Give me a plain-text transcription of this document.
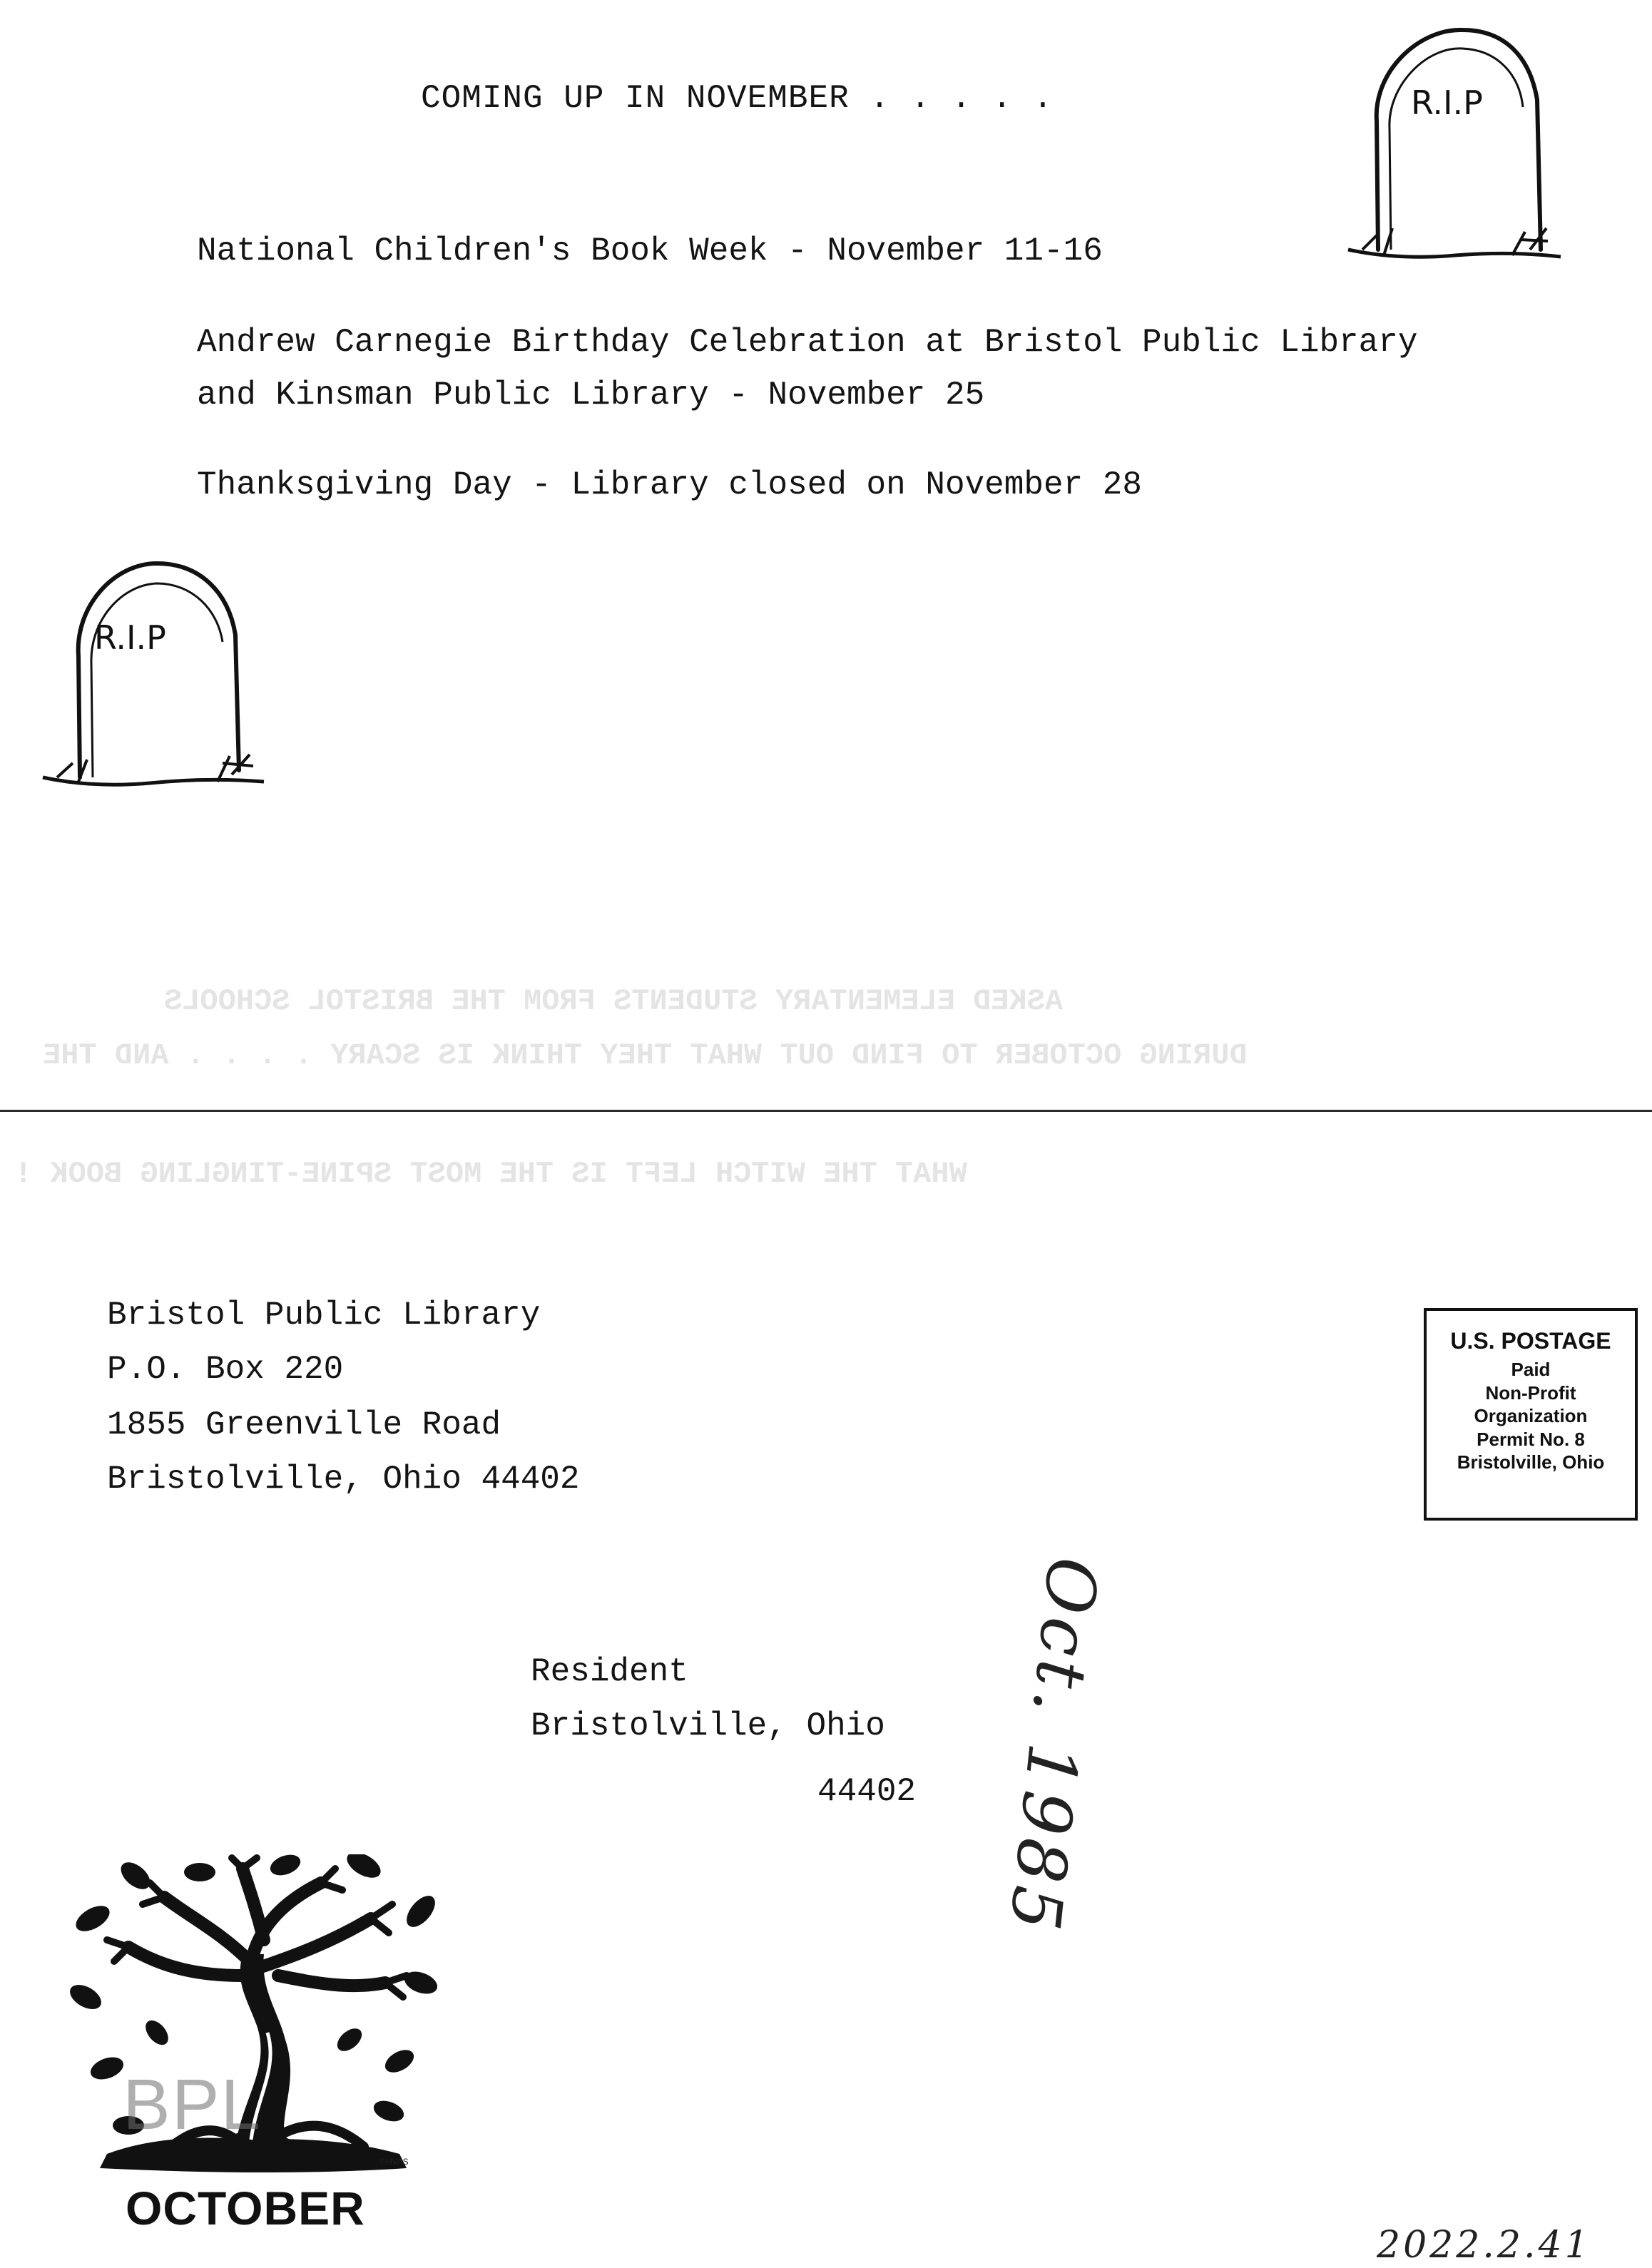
ASKED ELEMENTARY STUDENTS FROM THE BRISTOL SCHOOLS
DURING OCTOBER TO FIND OUT WHAT THEY THINK IS SCARY . . . . AND THE
WHAT THE WITCH LEFT IS THE MOST SPINE-TINGLING BOOK !
COMING UP IN NOVEMBER . . . . .
National Children's Book Week - November 11-16
Andrew Carnegie Birthday Celebration at Bristol Public Library
and Kinsman Public Library - November 25
Thanksgiving Day - Library closed on November 28
R.I.P
R.I.P
Bristol Public Library
P.O. Box 220
1855 Greenville Road
Bristolville, Ohio 44402
U.S. POSTAGE
Paid
Non-Profit
Organization
Permit No. 8
Bristolville, Ohio
Oct. 1985
Resident
Bristolville, Ohio
44402
©HVAS
BPL
OCTOBER
2022.2.41
